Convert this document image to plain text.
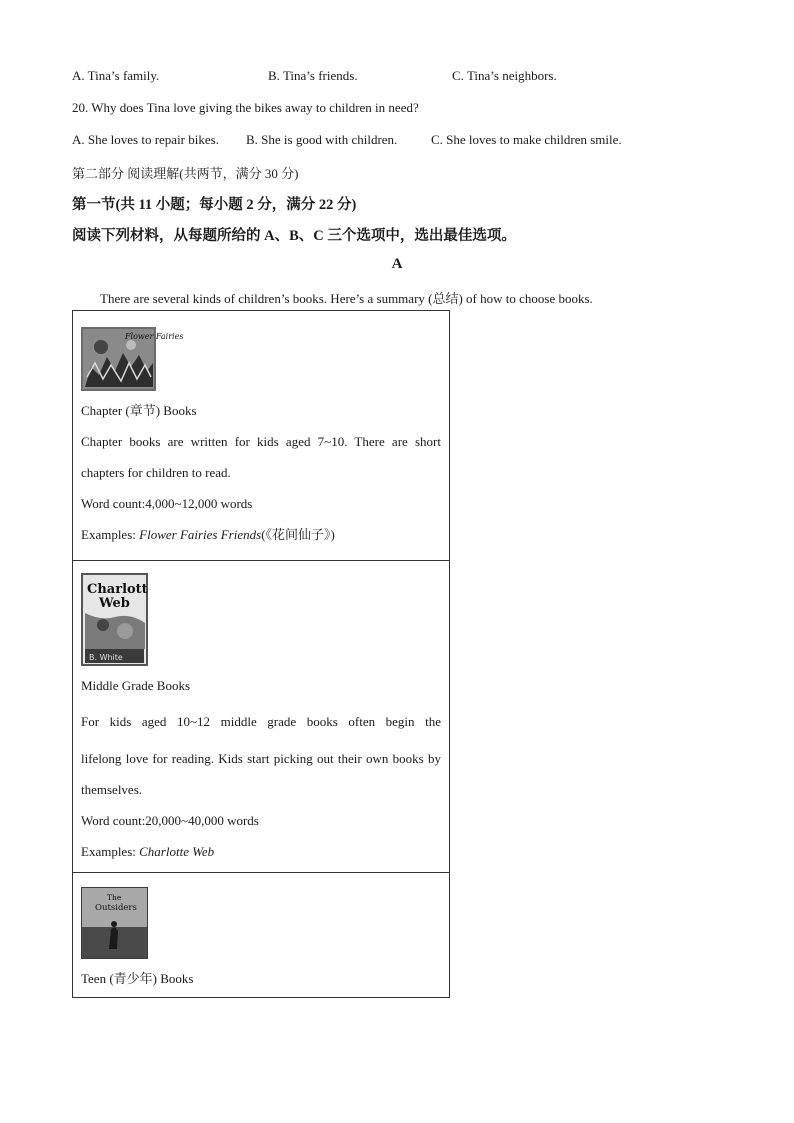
A. Tina’s family.	B. Tina’s friends.	C. Tina’s neighbors.
20. Why does Tina love giving the bikes away to children in need?
A. She loves to repair bikes. B. She is good with children.	C. She loves to make children smile.
第二部分 阅读理解(共两节，满分 30 分)
第一节(共 11 小题；每小题 2 分，满分 22 分)
阅读下列材料，从每题所给的 A、B、C 三个选项中，选出最佳选项。
A
There are several kinds of children’s books. Here’s a summary (总结) of how to choose books.
Flower Fairies

Chapter (章节) Books

Chapter books are written for kids aged 7~10. There are short chapters for children to read.

Word count:4,000~12,000 words

Examples: Flower Fairies Friends(《花间仙子》)

Charlott
Web
B. White

Middle Grade Books

For kids aged 10~12 middle grade books often begin the

lifelong love for reading. Kids start picking out their own books by themselves.

Word count:20,000~40,000 words

Examples: Charlotte Web

The
Outsiders

Teen (青少年) Books
